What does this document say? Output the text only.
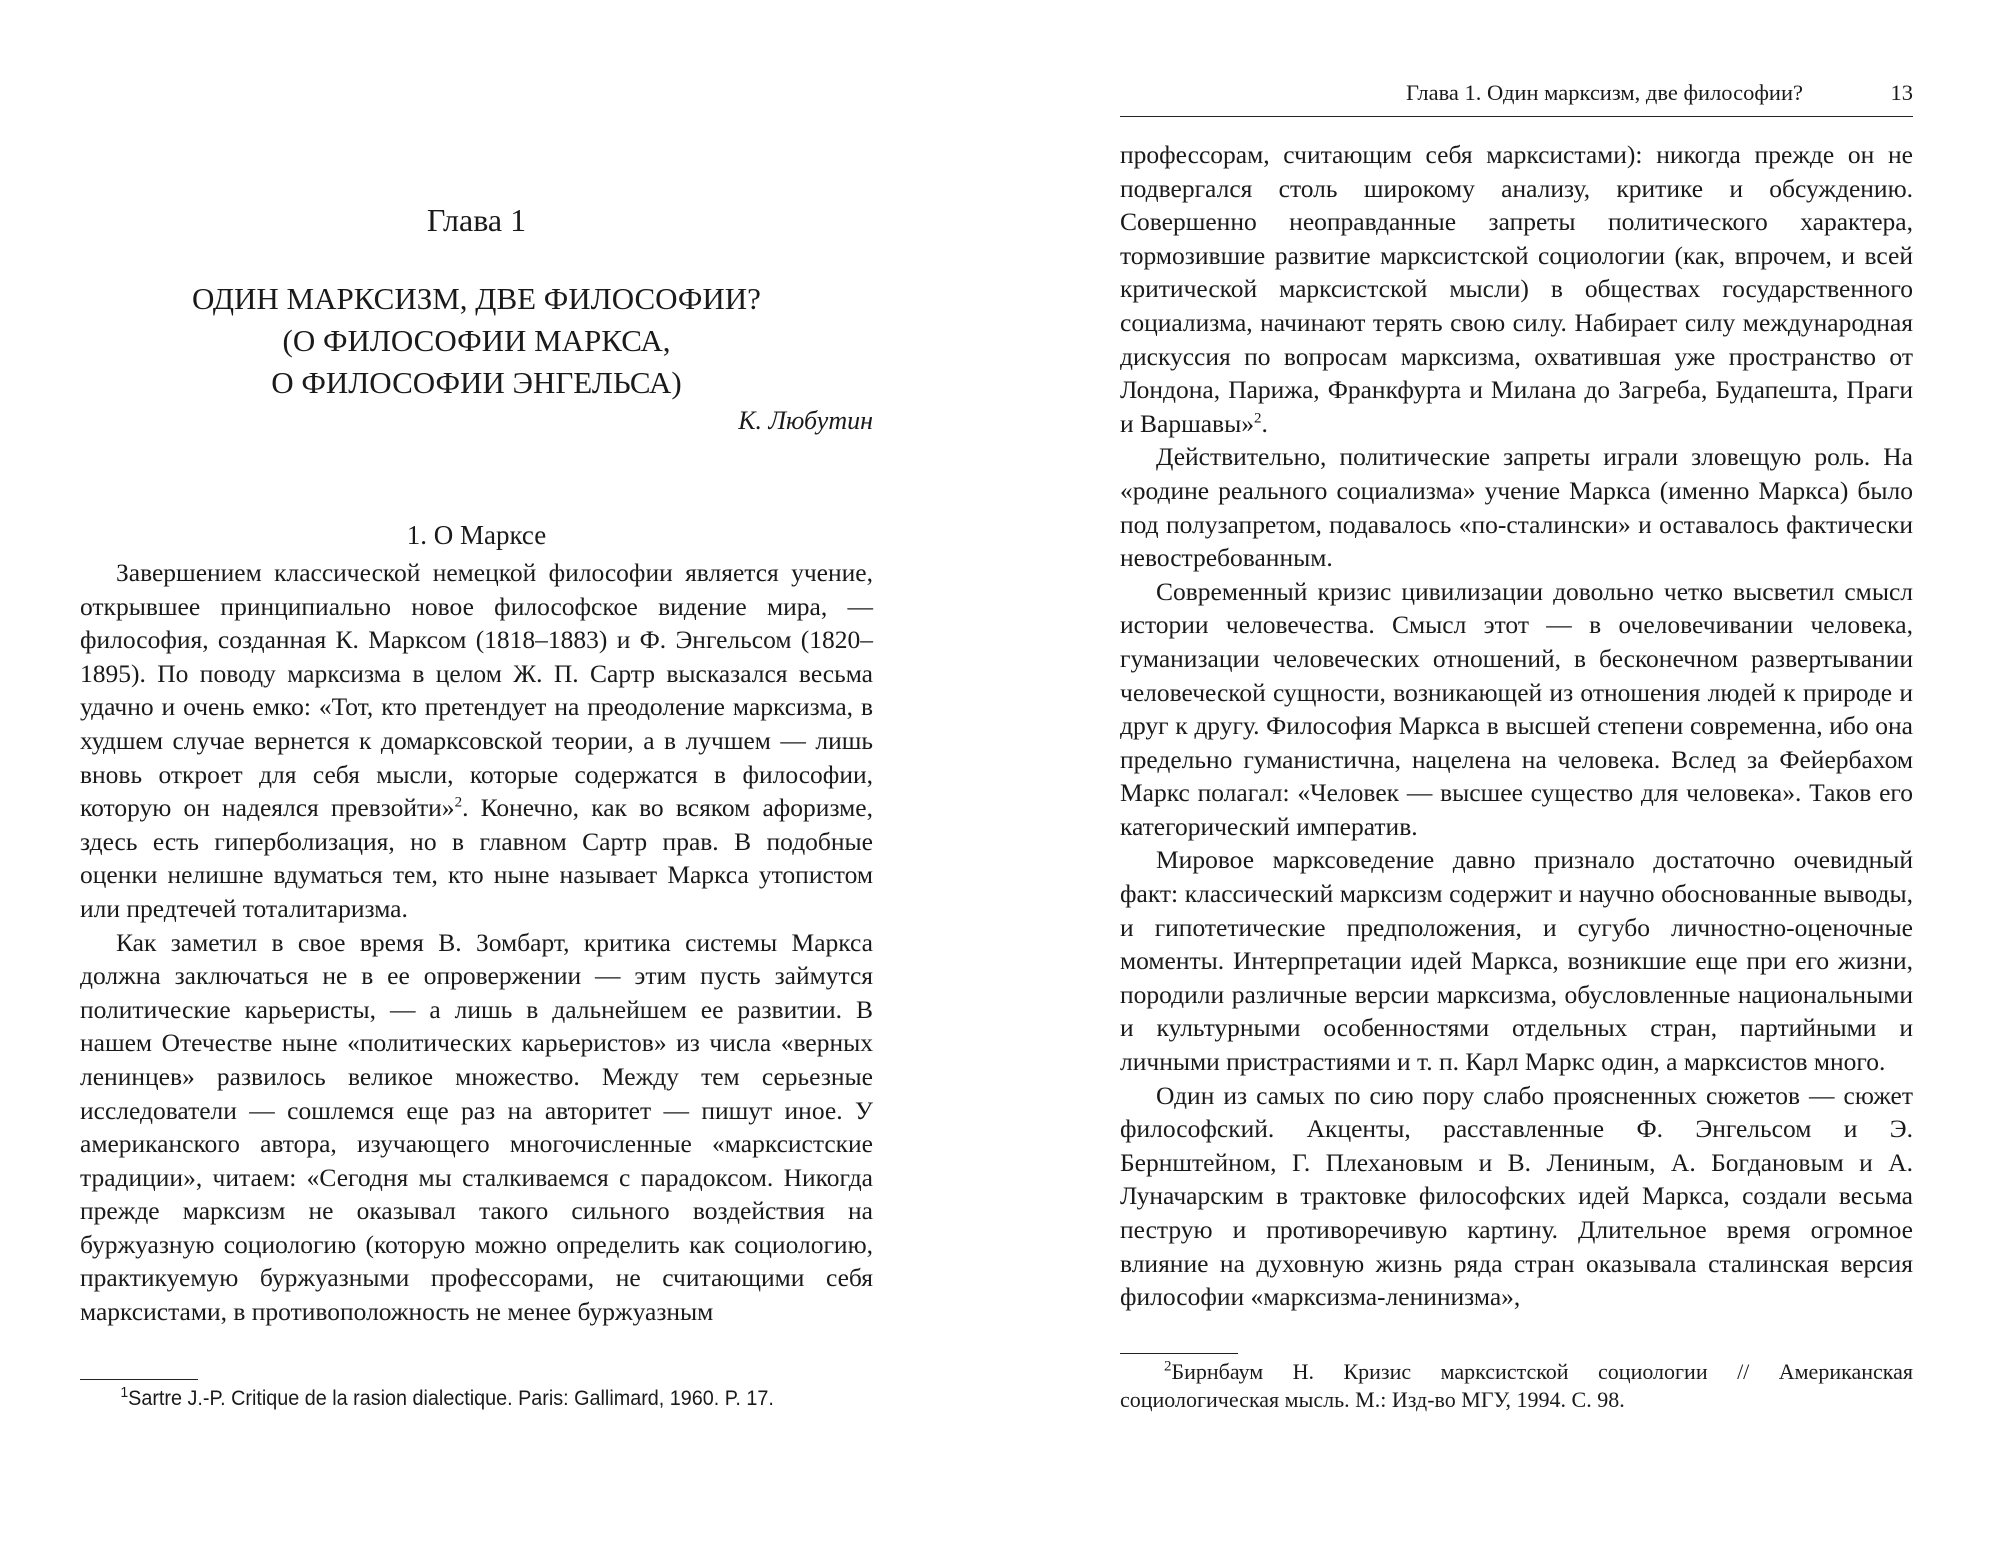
Глава 1
ОДИН МАРКСИЗМ, ДВЕ ФИЛОСОФИИ?
(О ФИЛОСОФИИ МАРКСА,
О ФИЛОСОФИИ ЭНГЕЛЬСА)
К. Любутин
1. О Марксе

Завершением классической немецкой философии является учение, открывшее принципиально новое философское видение мира, — философия, созданная К. Марксом (1818–1883) и Ф. Энгельсом (1820–1895). По поводу марксизма в целом Ж. П. Сартр высказался весьма удачно и очень емко: «Тот, кто претендует на преодоление марксизма, в худшем случае вернется к домарксовской теории, а в лучшем — лишь вновь откроет для себя мысли, которые содержатся в философии, которую он надеялся превзойти»$^2$. Конечно, как во всяком афоризме, здесь есть гиперболизация, но в главном Сартр прав. В подобные оценки нелишне вдуматься тем, кто ныне называет Маркса утопистом или предтечей тоталитаризма.

Как заметил в свое время В. Зомбарт, критика системы Маркса должна заключаться не в ее опровержении — этим пусть займутся политические карьеристы, — а лишь в дальнейшем ее развитии. В нашем Отечестве ныне «политических карьеристов» из числа «верных ленинцев» развилось великое множество. Между тем серьезные исследователи — сошлемся еще раз на авторитет — пишут иное. У американского автора, изучающего многочисленные «марксистские традиции», читаем: «Сегодня мы сталкиваемся с парадоксом. Никогда прежде марксизм не оказывал такого сильного воздействия на буржуазную социологию (которую можно определить как социологию, практикуемую буржуазными профессорами, не считающими себя марксистами, в противоположность не менее буржуазным

$^1$Sartre J.-P. Critique de la rasion dialectique. Paris: Gallimard, 1960. P. 17.
Глава 1. Один марксизм, две философии?	13

профессорам, считающим себя марксистами): никогда прежде он не подвергался столь широкому анализу, критике и обсуждению. Совершенно неоправданные запреты политического характера, тормозившие развитие марксистской социологии (как, впрочем, и всей критической марксистской мысли) в обществах государственного социализма, начинают терять свою силу. Набирает силу международная дискуссия по вопросам марксизма, охватившая уже пространство от Лондона, Парижа, Франкфурта и Милана до Загреба, Будапешта, Праги и Варшавы»$^2$.

Действительно, политические запреты играли зловещую роль. На «родине реального социализма» учение Маркса (именно Маркса) было под полузапретом, подавалось «по-сталински» и оставалось фактически невостребованным.

Современный кризис цивилизации довольно четко высветил смысл истории человечества. Смысл этот — в очеловечивании человека, гуманизации человеческих отношений, в бесконечном развертывании человеческой сущности, возникающей из отношения людей к природе и друг к другу. Философия Маркса в высшей степени современна, ибо она предельно гуманистична, нацелена на человека. Вслед за Фейербахом Маркс полагал: «Человек — высшее существо для человека». Таков его категорический императив.

Мировое марксоведение давно признало достаточно очевидный факт: классический марксизм содержит и научно обоснованные выводы, и гипотетические предположения, и сугубо личностно-оценочные моменты. Интерпретации идей Маркса, возникшие еще при его жизни, породили различные версии марксизма, обусловленные национальными и культурными особенностями отдельных стран, партийными и личными пристрастиями и т. п. Карл Маркс один, а марксистов много.

Один из самых по сию пору слабо проясненных сюжетов — сюжет философский. Акценты, расставленные Ф. Энгельсом и Э. Бернштейном, Г. Плехановым и В. Лениным, А. Богдановым и А. Луначарским в трактовке философских идей Маркса, создали весьма пеструю и противоречивую картину. Длительное время огромное влияние на духовную жизнь ряда стран оказывала сталинская версия философии «марксизма-ленинизма»,

$^2$Бирнбаум Н. Кризис марксистской социологии // Американская социологическая мысль. М.: Изд-во МГУ, 1994. С. 98.
